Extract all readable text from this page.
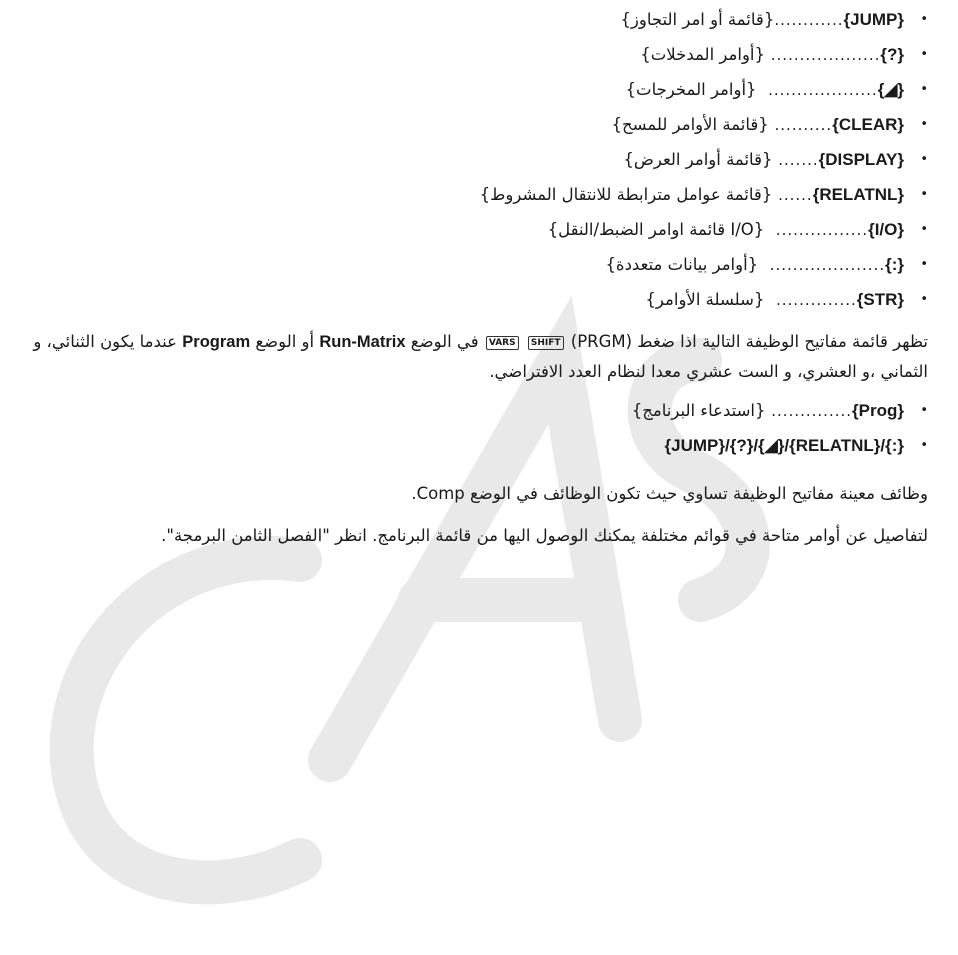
•
{JUMP}
............
{قائمة أو امر التجاوز}
•
{?}
...................
{أوامر المدخلات}
•
{◢}
...................
{أوامر المخرجات}
•
{CLEAR}
..........
{قائمة الأوامر للمسح}
•
{DISPLAY}
.......
{قائمة أوامر العرض}
•
{RELATNL}
......
{قائمة عوامل مترابطة للانتقال المشروط}
•
{I/O}
................
{I/O قائمة اوامر الضبط/النقل}
•
{:}
....................
{أوامر بيانات متعددة}
•
{STR}
..............
{سلسلة الأوامر}
تظهر قائمة مفاتيح الوظيفة التالية اذا ضغط (PRGM) SHIFT VARS في الوضع Run-Matrix أو الوضع Program عندما يكون الثنائي، و الثماني ،و العشري، و الست عشري معدا لنظام العدد الافتراضي.
•
{Prog}
..............
{استدعاء البرنامج}
•
{JUMP}/{?}/{◢}/{RELATNL}/{:}
وظائف معينة مفاتيح الوظيفة تساوي حيث تكون الوظائف في الوضع Comp.
لتفاصيل عن أوامر متاحة في قوائم مختلفة يمكنك الوصول اليها من قائمة البرنامج. انظر "الفصل الثامن البرمجة".
